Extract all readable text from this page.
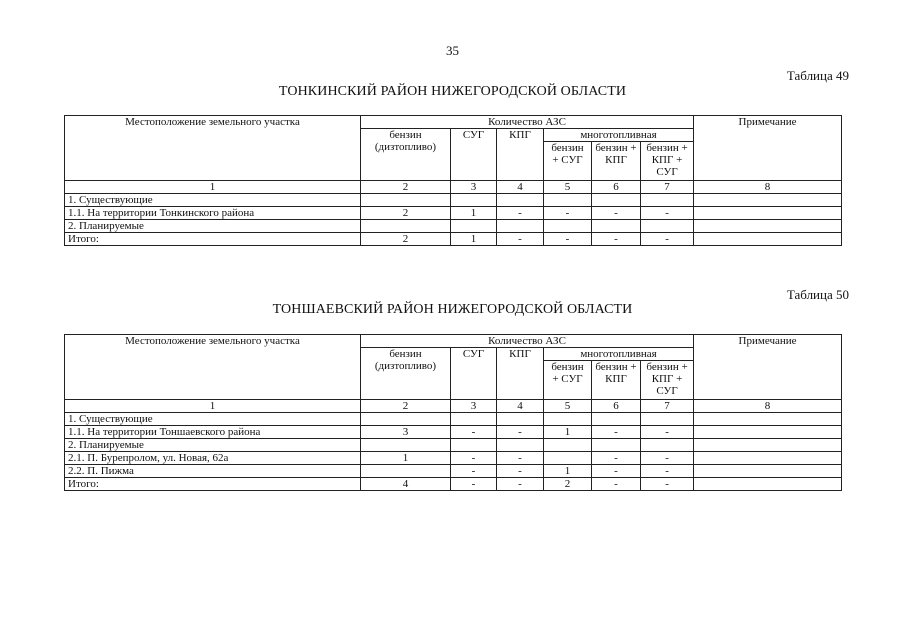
35
Таблица 49
ТОНКИНСКИЙ РАЙОН НИЖЕГОРОДСКОЙ ОБЛАСТИ
Таблица 50
ТОНШАЕВСКИЙ РАЙОН НИЖЕГОРОДСКОЙ ОБЛАСТИ
Местоположение земельного участка	Количество АЗС						Примечание
	бензин (дизтопливо)	СУГ	КПГ	многотопливная			
				бензин + СУГ	бензин + КПГ	бензин + КПГ + СУГ	
1	2	3	4	5	6	7	8
1. Существующие							
1.1. На территории Тонкинского района	2	1	-	-	-	-	
2. Планируемые							
Итого:	2	1	-	-	-	-	
Местоположение земельного участка	Количество АЗС						Примечание
	бензин (дизтопливо)	СУГ	КПГ	многотопливная			
				бензин + СУГ	бензин + КПГ	бензин + КПГ + СУГ	
1	2	3	4	5	6	7	8
1. Существующие							
1.1. На территории Тоншаевского района	3	-	-	1	-	-	
2. Планируемые							
2.1. П. Бурепролом, ул. Новая, 62а	1	-	-		-	-	
2.2. П. Пижма		-	-	1	-	-	
Итого:	4	-	-	2	-	-	
